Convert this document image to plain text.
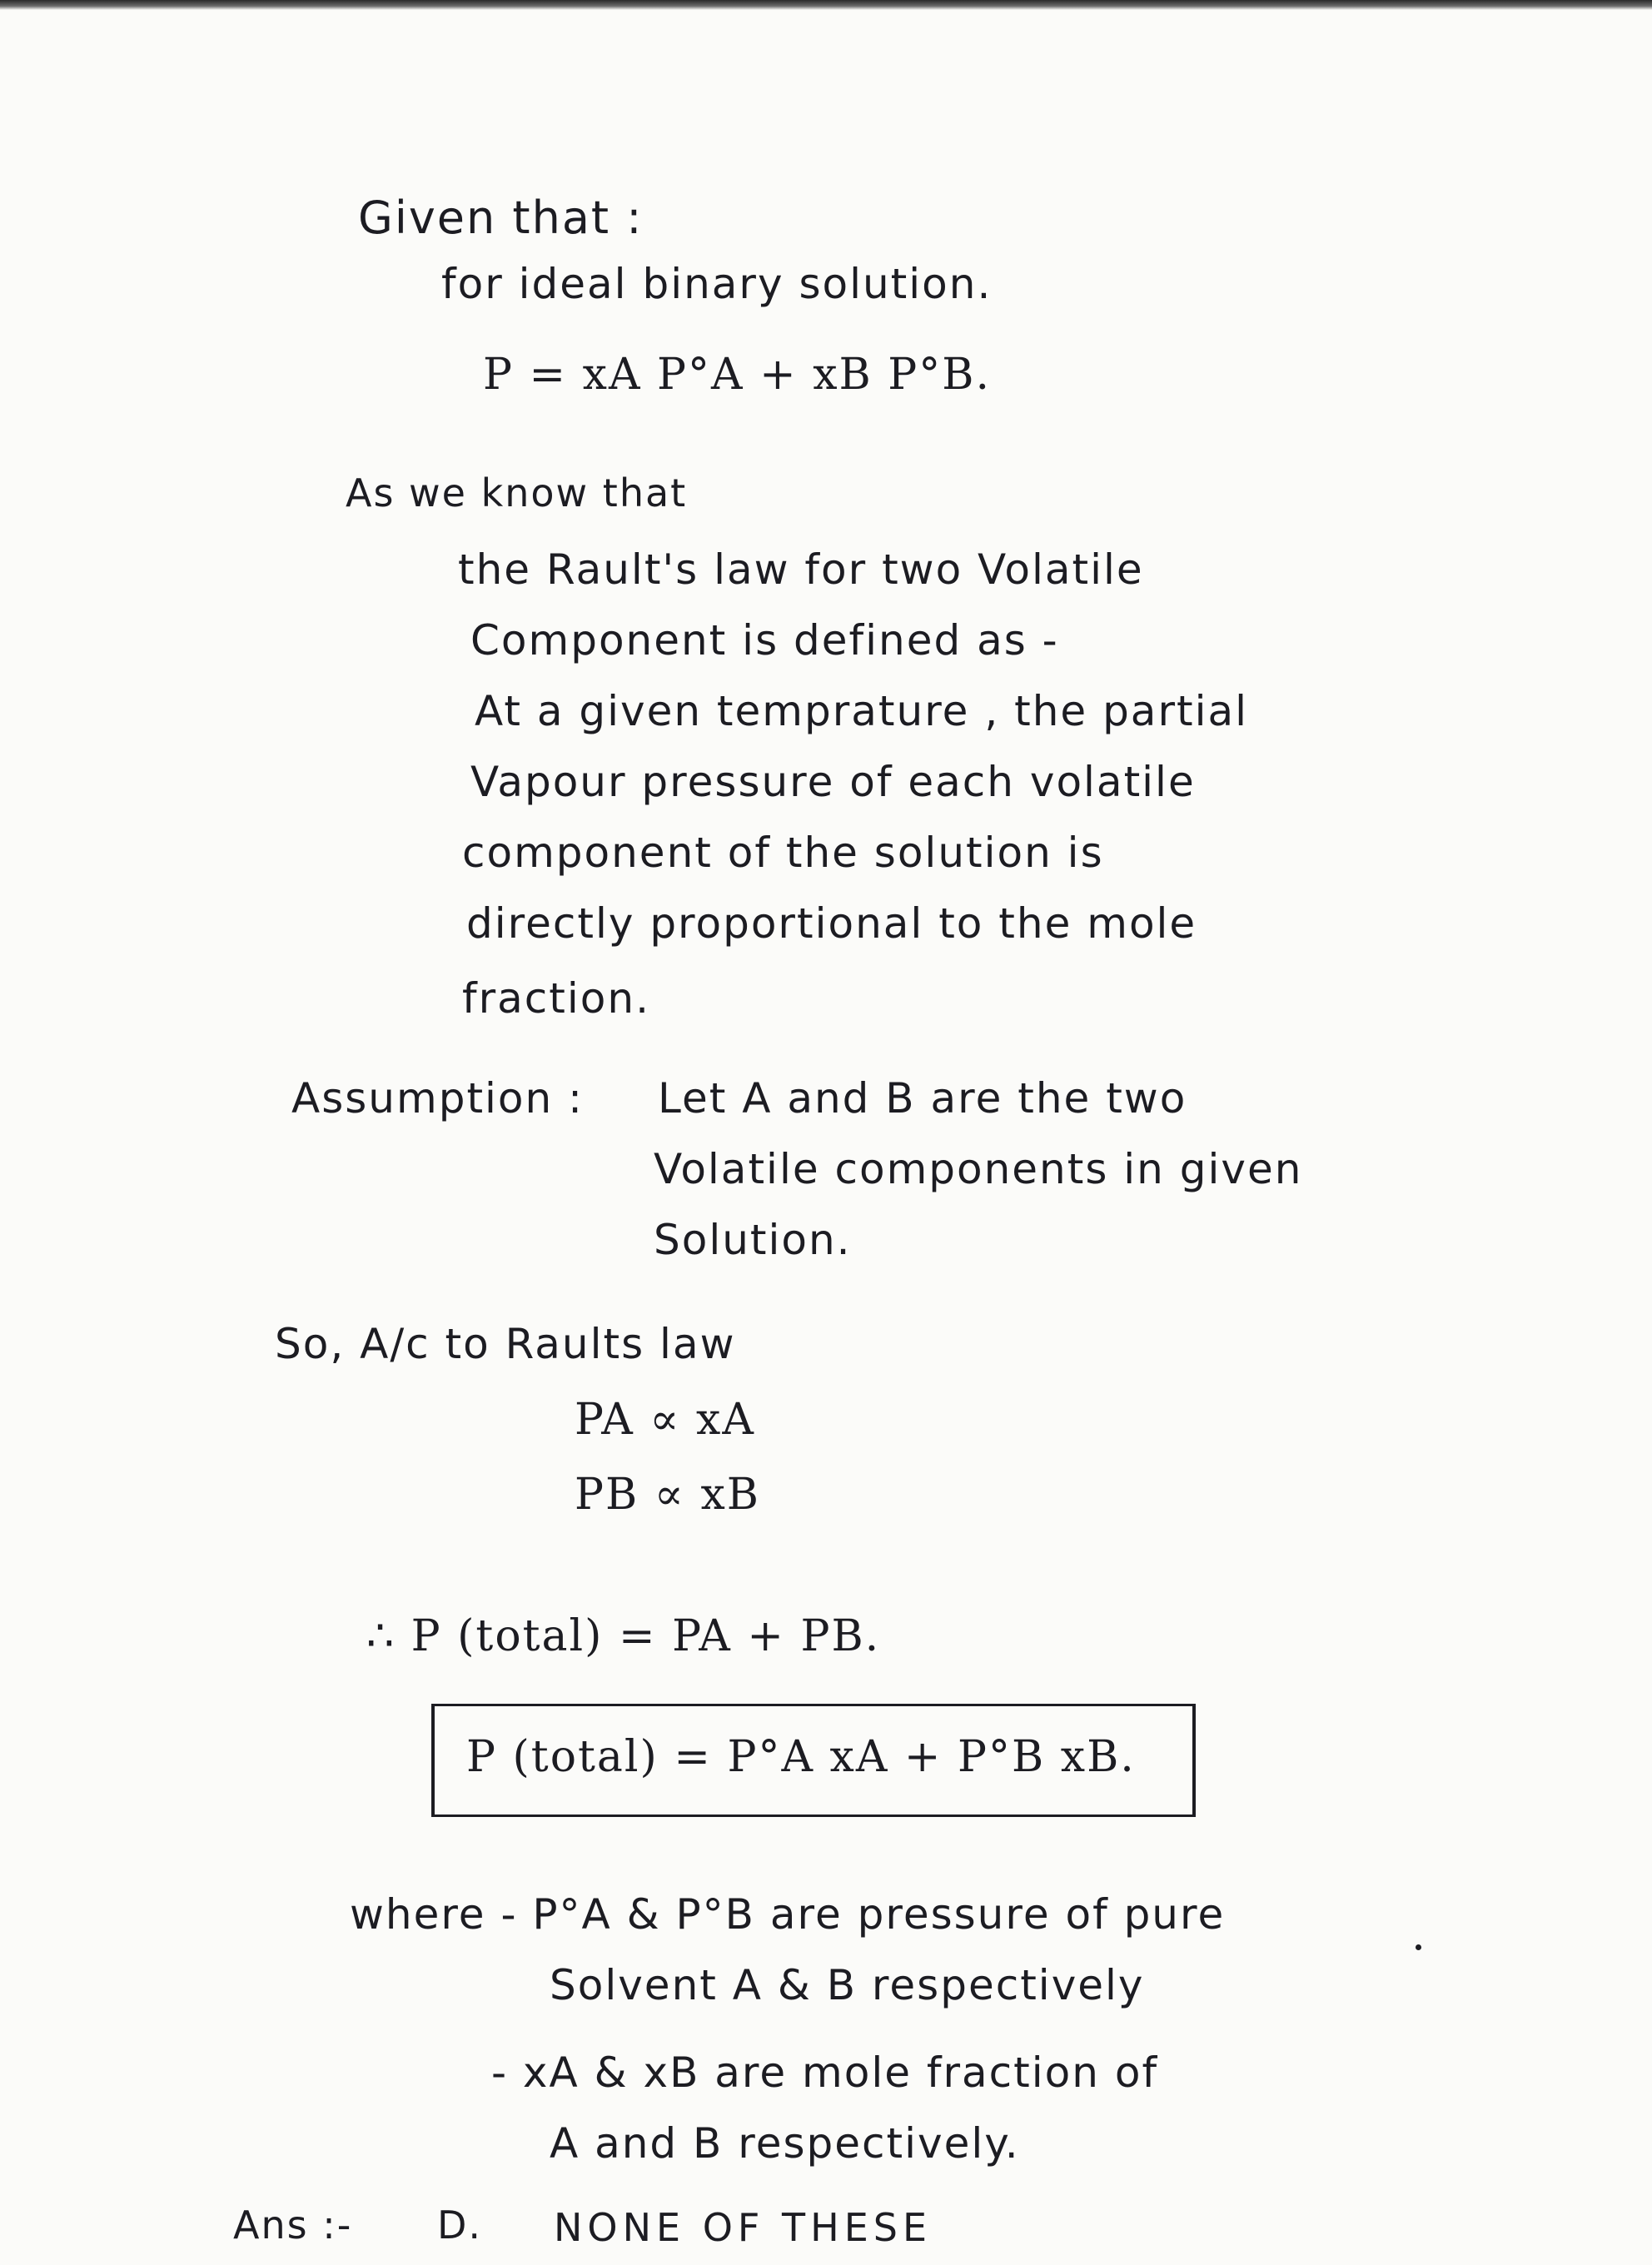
Given that :
for ideal binary solution.
P = xA P°A + xB P°B.
As we know that
the Rault's law for two Volatile
Component is defined as -
At a given temprature , the partial
Vapour pressure of each volatile
component of the solution is
directly proportional to the mole
fraction.
Assumption : Let A and B are the two
Volatile components in given
Solution.
So, A/c to Raults law
PA ∝ xA
PB ∝ xB
∴ P (total) = PA + PB.
P (total) = P°A xA + P°B xB.
where - P°A & P°B are pressure of pure
Solvent A & B respectively
- xA & xB are mole fraction of
A and B respectively.
Ans :- D. NONE OF THESE
